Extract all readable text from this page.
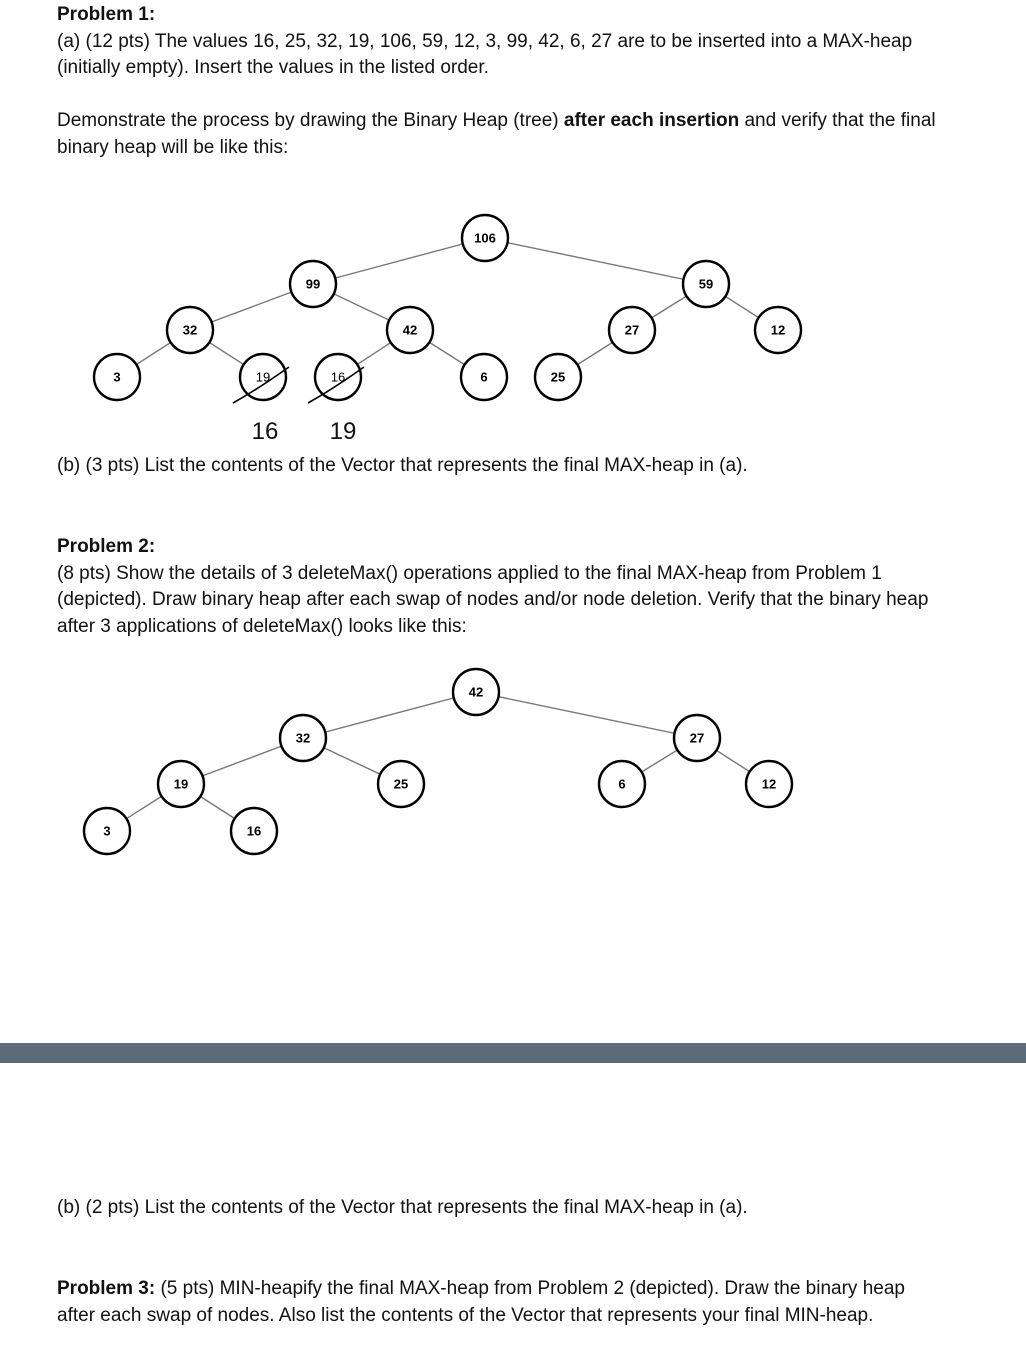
Problem 1:
(a) (12 pts) The values 16, 25, 32, 19, 106, 59, 12, 3, 99, 42, 6, 27 are to be inserted into a MAX-heap (initially empty). Insert the values in the listed order.

Demonstrate the process by drawing the Binary Heap (tree) after each insertion and verify that the final binary heap will be like this:

(b) (3 pts) List the contents of the Vector that represents the final MAX-heap in (a).

Problem 2:
(8 pts) Show the details of 3 deleteMax() operations applied to the final MAX-heap from Problem 1 (depicted). Draw binary heap after each swap of nodes and/or node deletion. Verify that the binary heap after 3 applications of deleteMax() looks like this:

(b) (2 pts) List the contents of the Vector that represents the final MAX-heap in (a).

Problem 3: (5 pts) MIN-heapify the final MAX-heap from Problem 2 (depicted). Draw the binary heap after each swap of nodes. Also list the contents of the Vector that represents your final MIN-heap.

106
99	59
32	42	27	12
3	19	16	6	25
16 19
42
32	27
19	25	6	12
3	16
